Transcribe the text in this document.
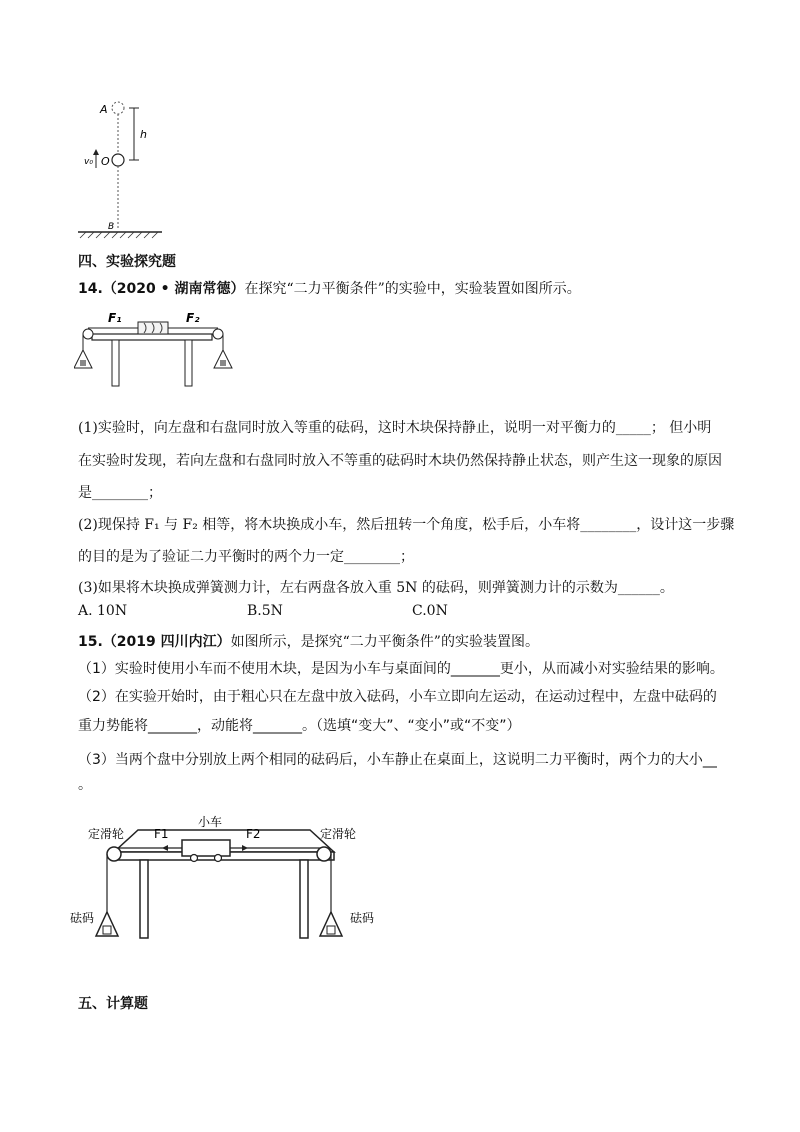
A
h
v₀ O
B
四、实验探究题
14.（2020 • 湖南常德）在探究“二力平衡条件”的实验中，实验装置如图所示。
F₁	F₂
(1)实验时，向左盘和右盘同时放入等重的砝码，这时木块保持静止，说明一对平衡力的_____； 但小明
在实验时发现，若向左盘和右盘同时放入不等重的砝码时木块仍然保持静止状态，则产生这一现象的原因
是________；
(2)现保持 F₁ 与 F₂ 相等，将木块换成小车，然后扭转一个角度，松手后，小车将________，设计这一步骤
的目的是为了验证二力平衡时的两个力一定________；
(3)如果将木块换成弹簧测力计，左右两盘各放入重 5N 的砝码，则弹簧测力计的示数为______。
A. 10N	B.5N	C.0N
15.（2019 四川内江）如图所示，是探究“二力平衡条件”的实验装置图。
（1）实验时使用小车而不使用木块，是因为小车与桌面间的_______更小，从而减小对实验结果的影响。
（2）在实验开始时，由于粗心只在左盘中放入砝码，小车立即向左运动，在运动过程中，左盘中砝码的
重力势能将_______，动能将_______。（选填“变大”、“变小”或“不变”）
（3）当两个盘中分别放上两个相同的砝码后，小车静止在桌面上，这说明二力平衡时，两个力的大小__
。
小车
F1	F2
定滑轮	定滑轮
砝码	砝码
五、计算题
